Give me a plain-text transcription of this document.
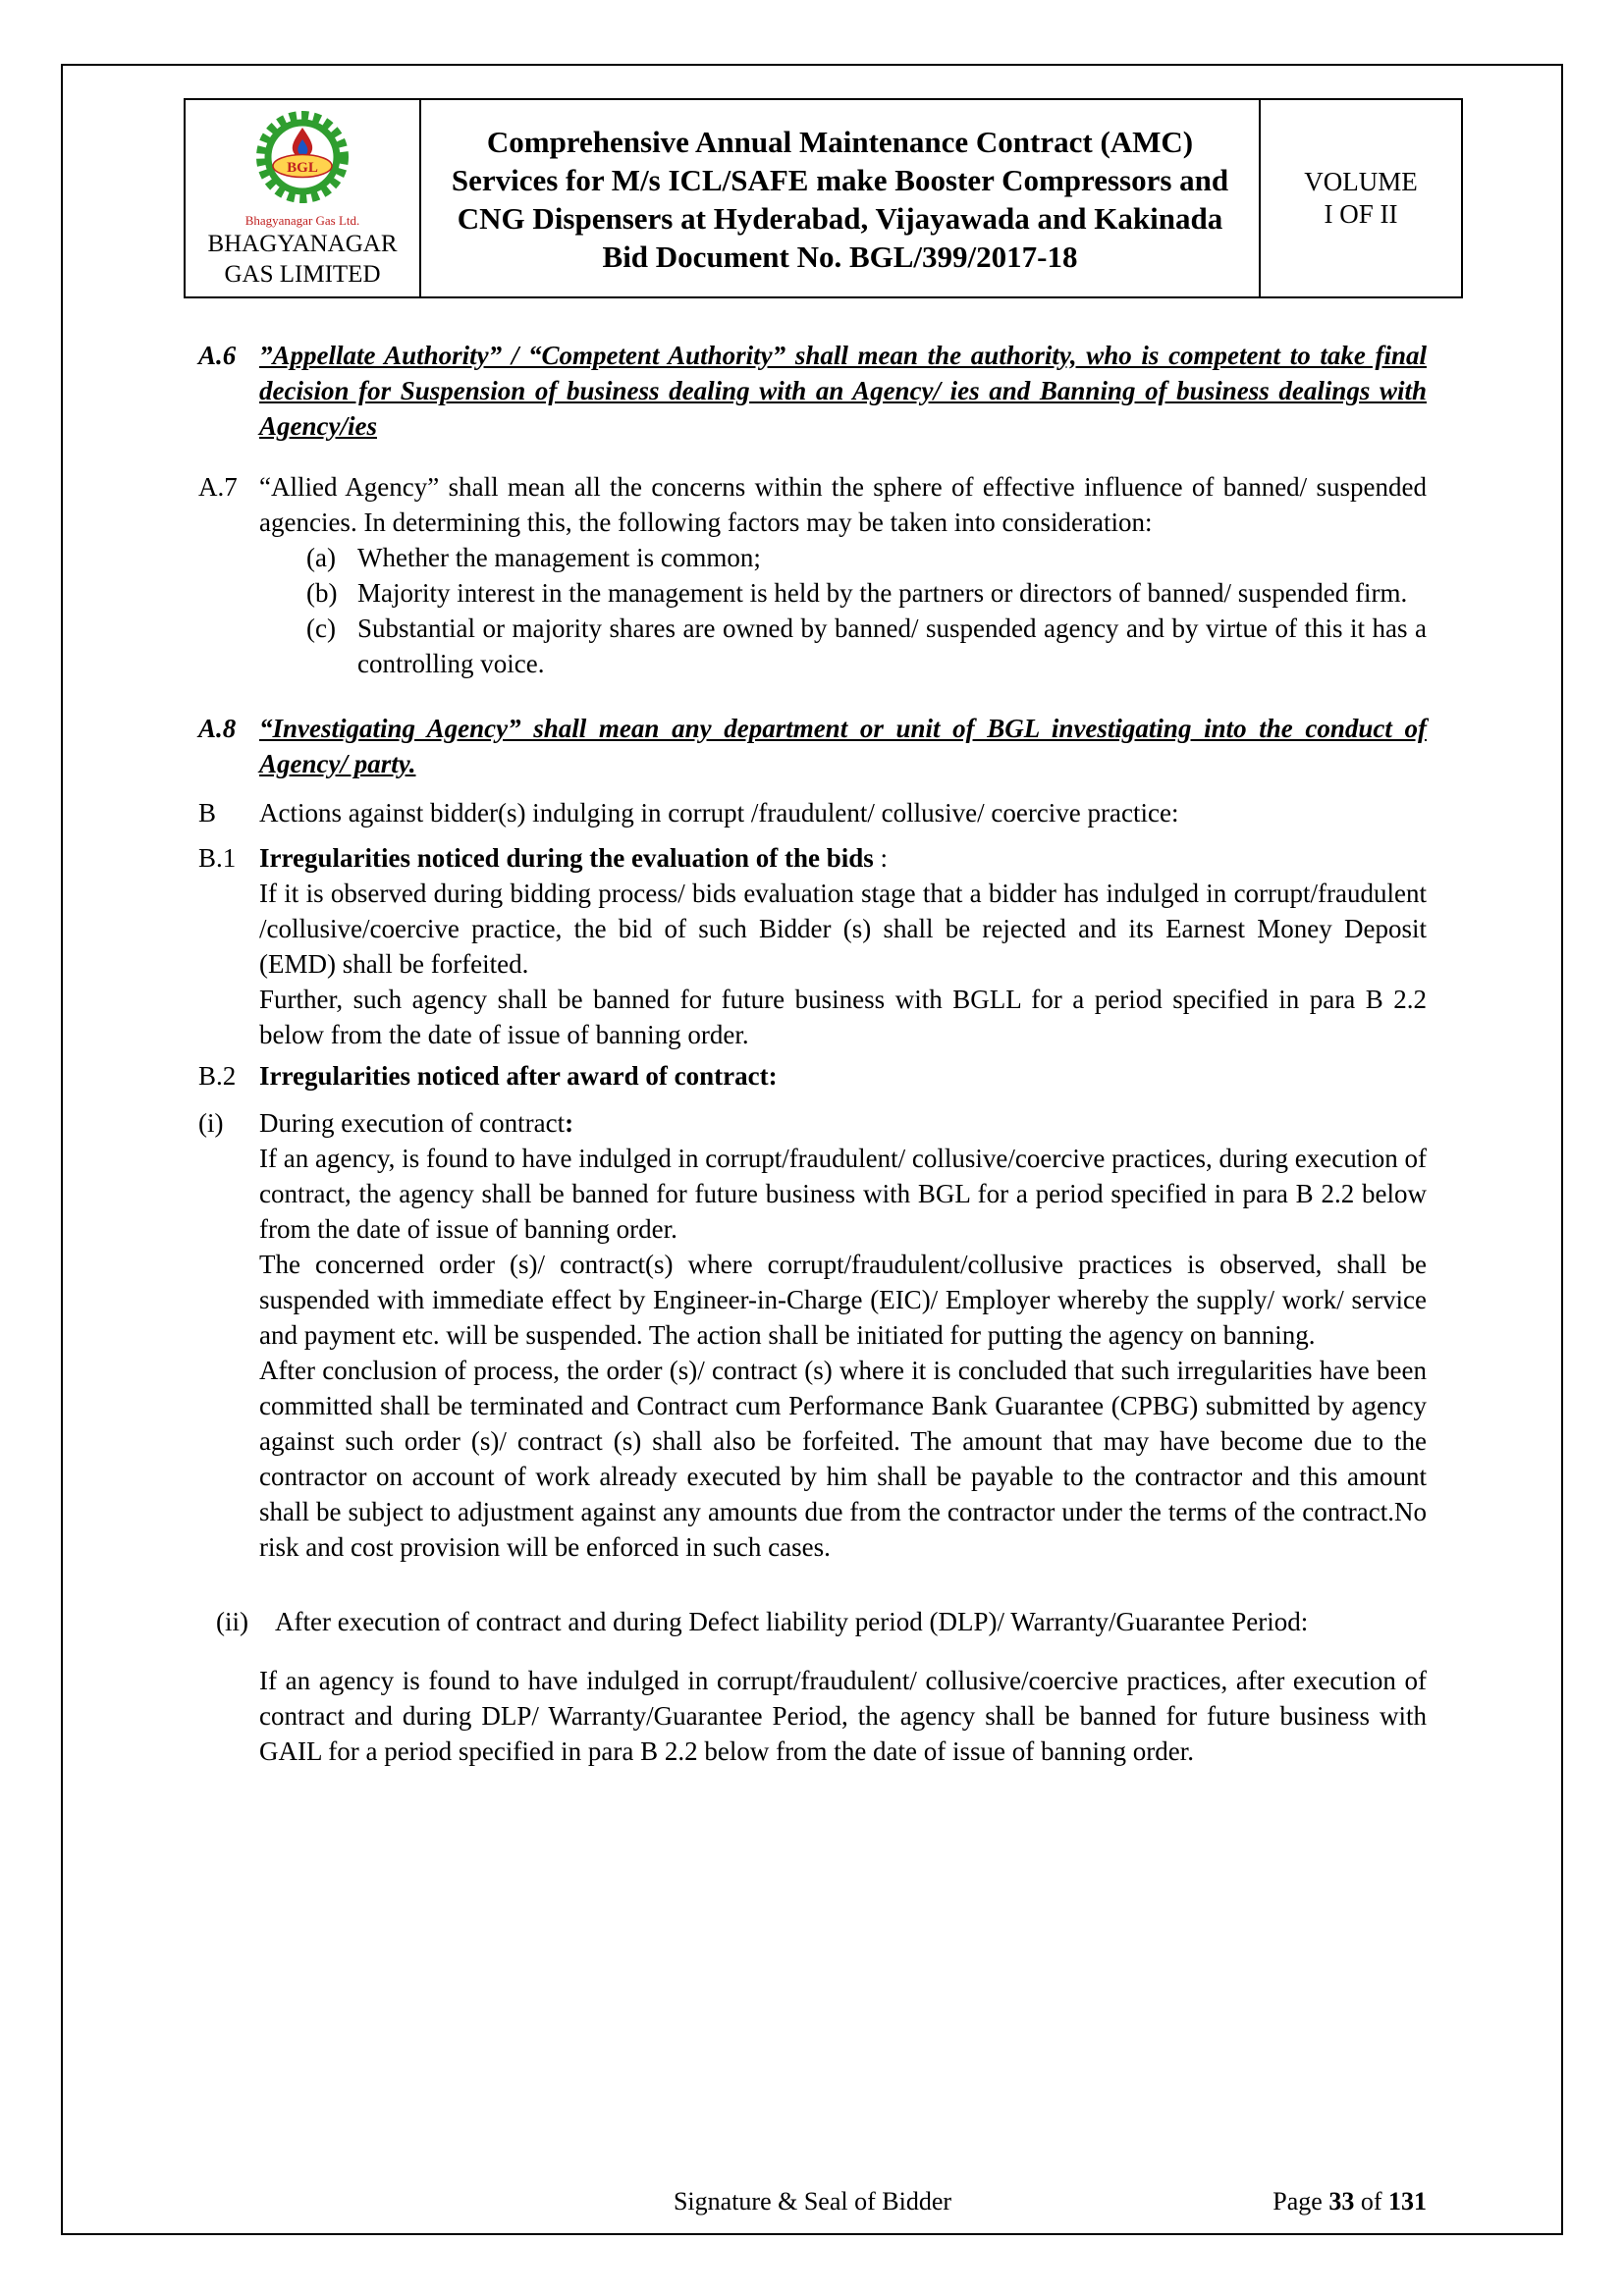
BGL
Bhagyanagar Gas Ltd.
BHAGYANAGAR
GAS LIMITED
Comprehensive Annual Maintenance Contract (AMC) Services for M/s ICL/SAFE make Booster Compressors and CNG Dispensers at Hyderabad, Vijayawada and Kakinada
Bid Document No. BGL/399/2017-18
VOLUME
I OF II

A.6 ”Appellate Authority” / “Competent Authority” shall mean the authority, who is competent to take final decision for Suspension of business dealing with an Agency/ ies and Banning of business dealings with Agency/ies

A.7 “Allied Agency” shall mean all the concerns within the sphere of effective influence of banned/ suspended agencies. In determining this, the following factors may be taken into consideration:

(a) Whether the management is common;

(b) Majority interest in the management is held by the partners or directors of banned/ suspended firm.

(c) Substantial or majority shares are owned by banned/ suspended agency and by virtue of this it has a controlling voice.

A.8 “Investigating Agency” shall mean any department or unit of BGL investigating into the conduct of Agency/ party.

B Actions against bidder(s) indulging in corrupt /fraudulent/ collusive/ coercive practice:

B.1 Irregularities noticed during the evaluation of the bids :

If it is observed during bidding process/ bids evaluation stage that a bidder has indulged in corrupt/fraudulent /collusive/coercive practice, the bid of such Bidder (s) shall be rejected and its Earnest Money Deposit (EMD) shall be forfeited.

Further, such agency shall be banned for future business with BGLL for a period specified in para B 2.2 below from the date of issue of banning order.

B.2 Irregularities noticed after award of contract:

(i) During execution of contract:

If an agency, is found to have indulged in corrupt/fraudulent/ collusive/coercive practices, during execution of contract, the agency shall be banned for future business with BGL for a period specified in para B 2.2 below from the date of issue of banning order.

The concerned order (s)/ contract(s) where corrupt/fraudulent/collusive practices is observed, shall be suspended with immediate effect by Engineer-in-Charge (EIC)/ Employer whereby the supply/ work/ service and payment etc. will be suspended. The action shall be initiated for putting the agency on banning.

After conclusion of process, the order (s)/ contract (s) where it is concluded that such irregularities have been committed shall be terminated and Contract cum Performance Bank Guarantee (CPBG) submitted by agency against such order (s)/ contract (s) shall also be forfeited. The amount that may have become due to the contractor on account of work already executed by him shall be payable to the contractor and this amount shall be subject to adjustment against any amounts due from the contractor under the terms of the contract.No risk and cost provision will be enforced in such cases.

(ii) After execution of contract and during Defect liability period (DLP)/ Warranty/Guarantee Period:

If an agency is found to have indulged in corrupt/fraudulent/ collusive/coercive practices, after execution of contract and during DLP/ Warranty/Guarantee Period, the agency shall be banned for future business with GAIL for a period specified in para B 2.2 below from the date of issue of banning order.

Signature & Seal of Bidder	Page 33 of 131
